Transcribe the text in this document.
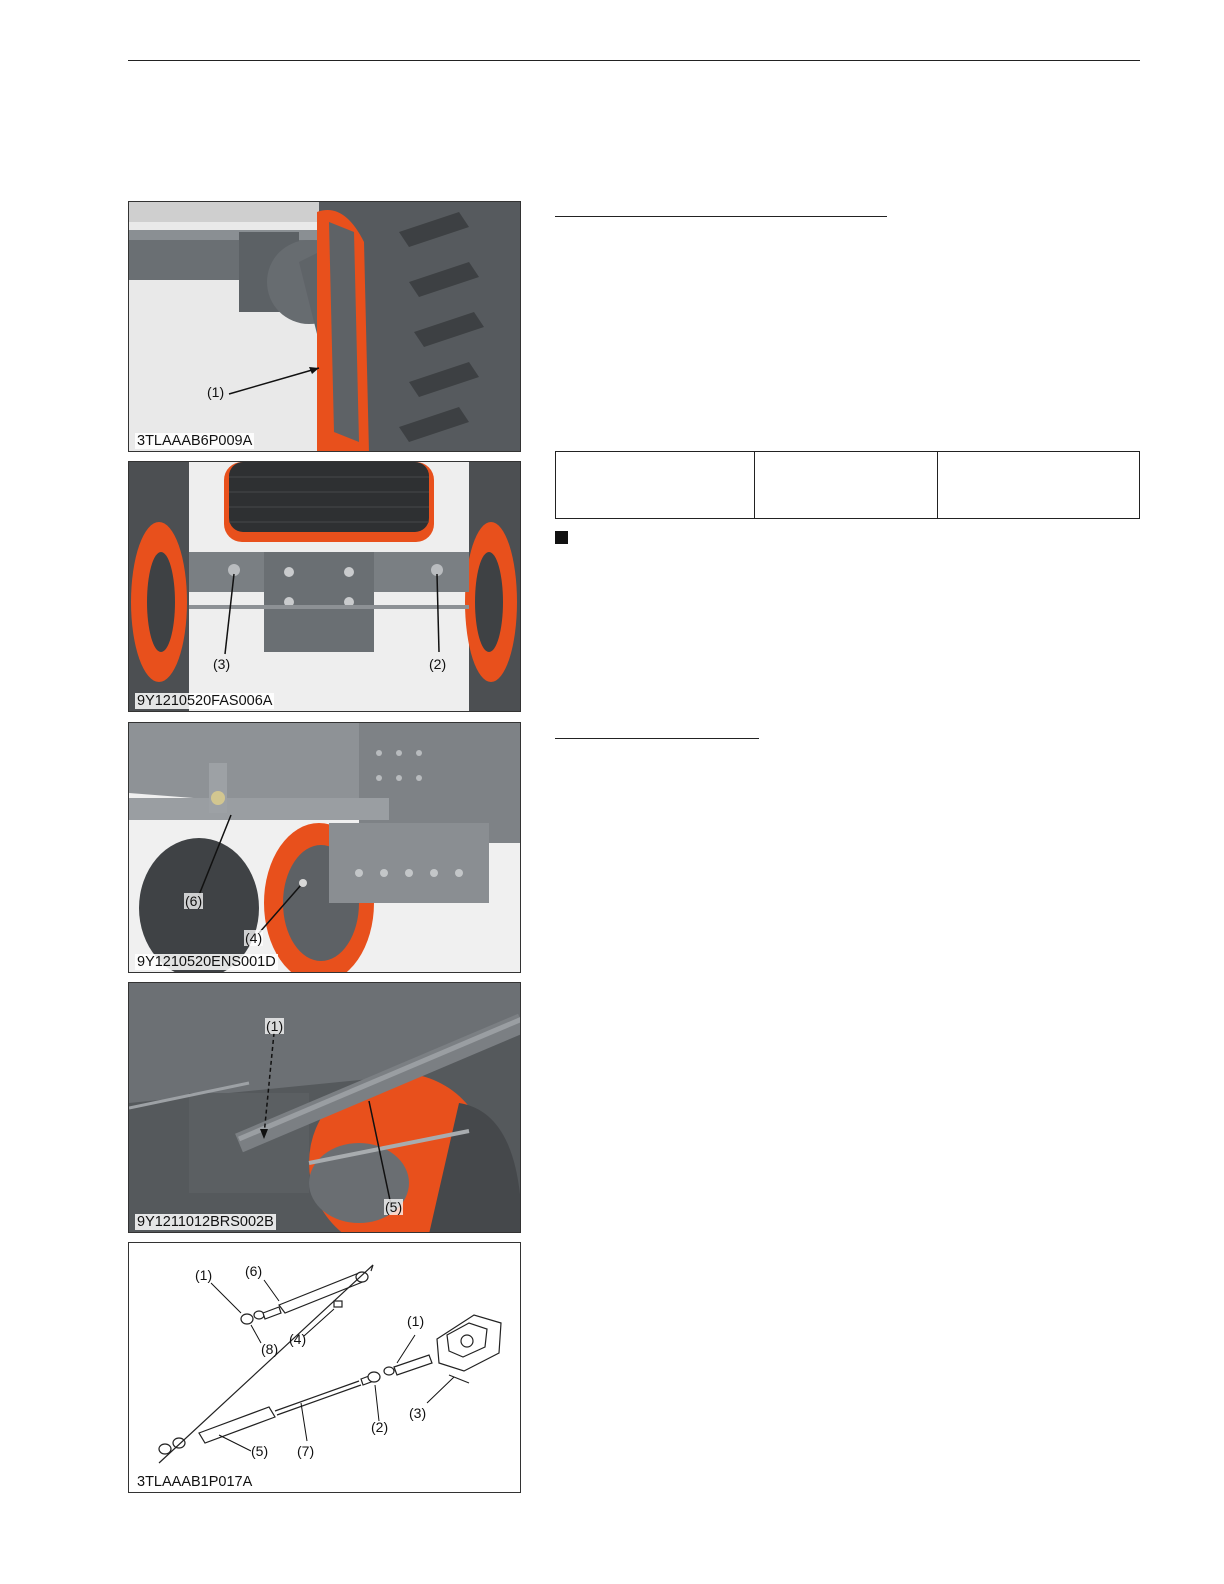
(1)
3TLAAAB6P009A
(3)	(2)
9Y1210520FAS006A
(6)
(4)
9Y1210520ENS001D
(1)
(5)
9Y1211012BRS002B
(1) (6)
(4)
(8)
(1)
(2)
(3)
(5) (7)
3TLAAAB1P017A
